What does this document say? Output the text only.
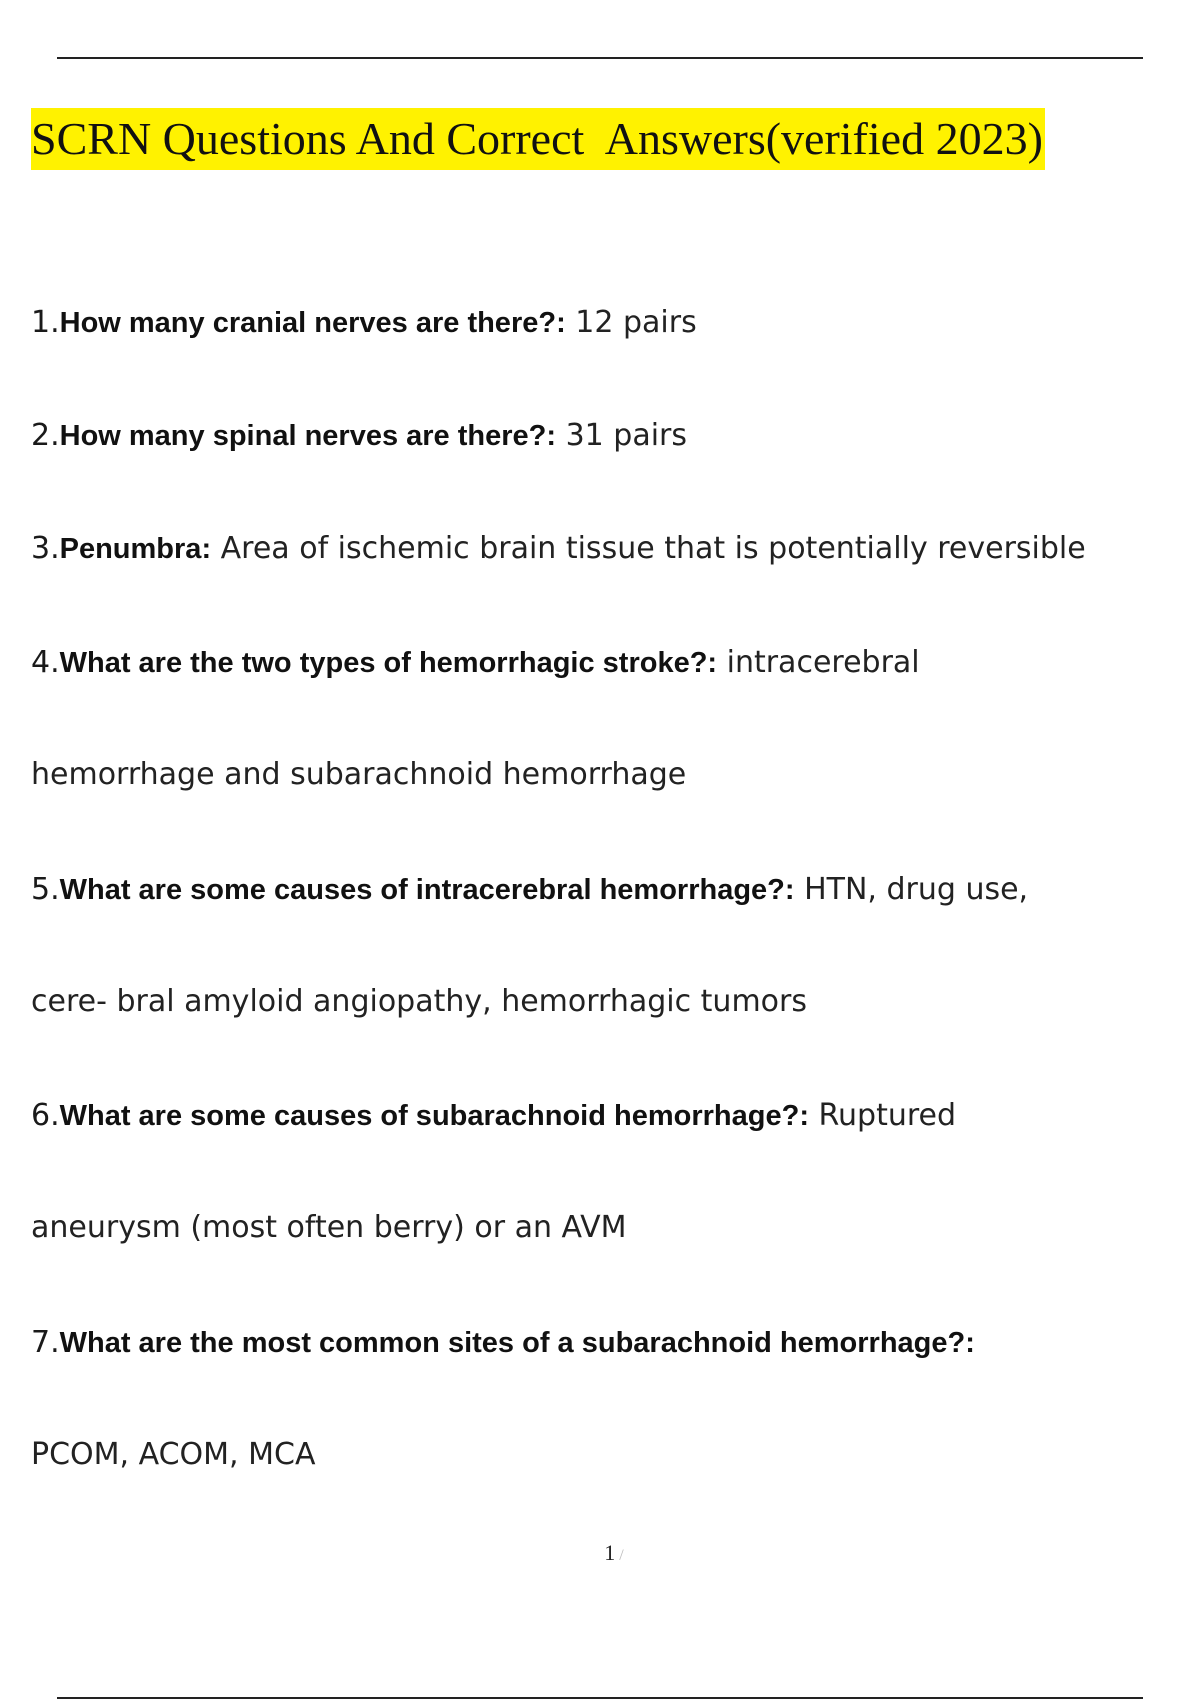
SCRN Questions And Correct  Answers(verified 2023)
1.How many cranial nerves are there?: 12 pairs
2.How many spinal nerves are there?: 31 pairs
3.Penumbra: Area of ischemic brain tissue that is potentially reversible
4.What are the two types of hemorrhagic stroke?: intracerebral
hemorrhage and subarachnoid hemorrhage
5.What are some causes of intracerebral hemorrhage?: HTN, drug use,
cere- bral amyloid angiopathy, hemorrhagic tumors
6.What are some causes of subarachnoid hemorrhage?: Ruptured
aneurysm (most often berry) or an AVM
7.What are the most common sites of a subarachnoid hemorrhage?:
PCOM, ACOM, MCA
1 /
